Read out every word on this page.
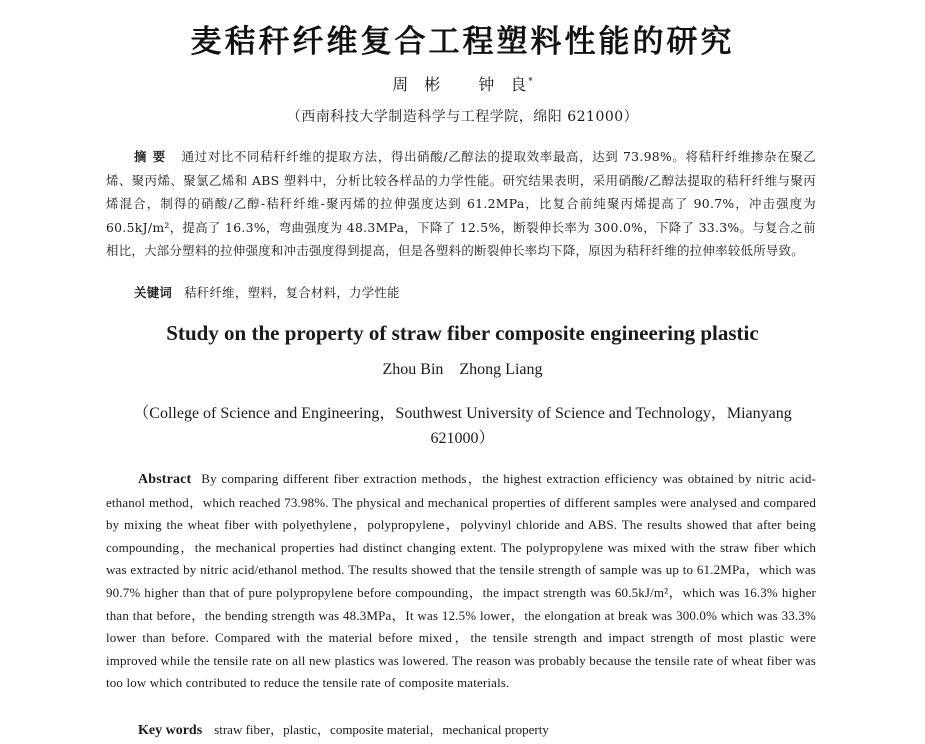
麦秸秆纤维复合工程塑料性能的研究
周　彬 钟　良 *
（西南科技大学制造科学与工程学院，绵阳 621000）
摘要 通过对比不同秸秆纤维的提取方法，得出硝酸/乙醇法的提取效率最高，达到 73.98%。将秸秆纤维掺杂在聚乙烯、聚丙烯、聚氯乙烯和 ABS 塑料中，分析比较各样品的力学性能。研究结果表明，采用硝酸/乙醇法提取的秸秆纤维与聚丙烯混合，制得的硝酸/乙醇-秸秆纤维-聚丙烯的拉伸强度达到 61.2MPa，比复合前纯聚丙烯提高了 90.7%，冲击强度为 60.5kJ/m²，提高了 16.3%，弯曲强度为 48.3MPa，下降了 12.5%，断裂伸长率为 300.0%，下降了 33.3%。与复合之前相比，大部分塑料的拉伸强度和冲击强度得到提高，但是各塑料的断裂伸长率均下降，原因为秸秆纤维的拉伸率较低所导致。
关键词 秸秆纤维，塑料，复合材料，力学性能
Study on the property of straw fiber composite engineering plastic
Zhou Bin Zhong Liang
（College of Science and Engineering，Southwest University of Science and Technology，Mianyang 621000）
Abstract By comparing different fiber extraction methods，the highest extraction efficiency was obtained by nitric acid-ethanol method，which reached 73.98%. The physical and mechanical properties of different samples were analysed and compared by mixing the wheat fiber with polyethylene，polypropylene，polyvinyl chloride and ABS. The results showed that after being compounding，the mechanical properties had distinct changing extent. The polypropylene was mixed with the straw fiber which was extracted by nitric acid/ethanol method. The results showed that the tensile strength of sample was up to 61.2MPa，which was 90.7% higher than that of pure polypropylene before compounding，the impact strength was 60.5kJ/m²，which was 16.3% higher than that before，the bending strength was 48.3MPa，It was 12.5% lower，the elongation at break was 300.0% which was 33.3% lower than before. Compared with the material before mixed，the tensile strength and impact strength of most plastic were improved while the tensile rate on all new plastics was lowered. The reason was probably because the tensile rate of wheat fiber was too low which contributed to reduce the tensile rate of composite materials.
Key words straw fiber，plastic，composite material，mechanical property
